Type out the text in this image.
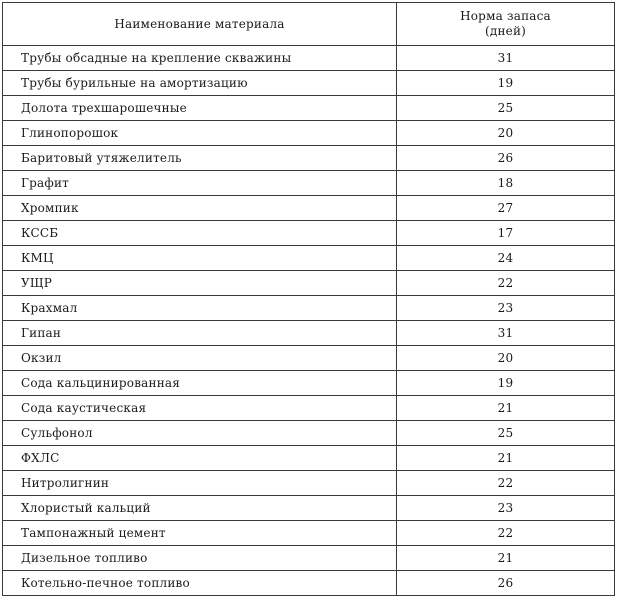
Наименование материала	Норма запаса
(дней)

Трубы обсадные на крепление скважины	31
Трубы бурильные на амортизацию	19
Долота трехшарошечные	25
Глинопорошок	20
Баритовый утяжелитель	26
Графит	18
Хромпик	27
КССБ	17
КМЦ	24
УЩР	22
Крахмал	23
Гипан	31
Окзил	20
Сода кальцинированная	19
Сода каустическая	21
Сульфонол	25
ФХЛС	21
Нитролигнин	22
Хлористый кальций	23
Тампонажный цемент	22
Дизельное топливо	21
Котельно-печное топливо	26
